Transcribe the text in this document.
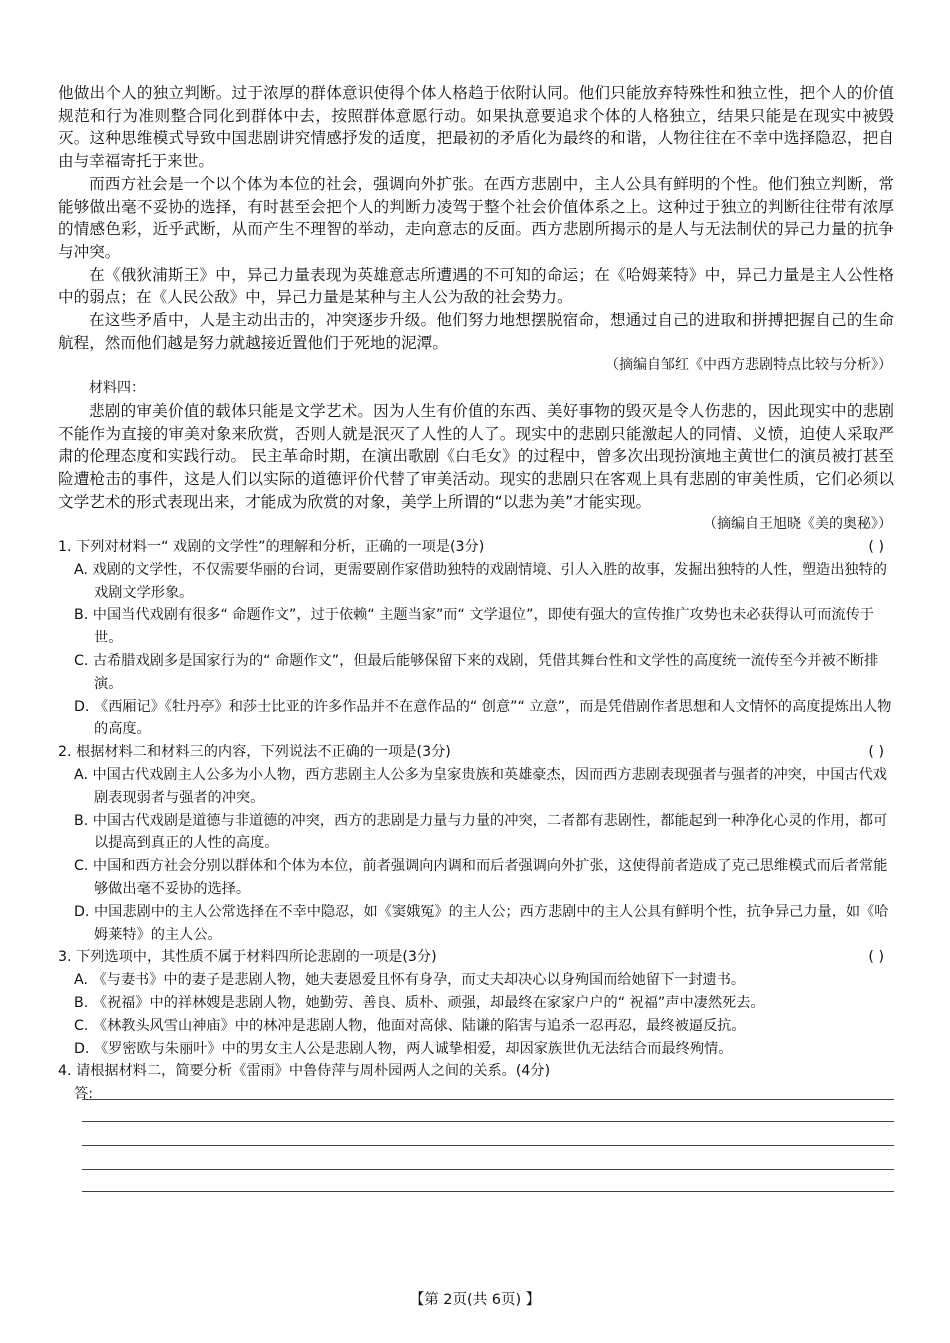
他做出个人的独立判断。过于浓厚的群体意识使得个体人格趋于依附认同。他们只能放弃特殊性和独立性，把个人的价值规范和行为准则整合同化到群体中去，按照群体意愿行动。如果执意要追求个体的人格独立，结果只能是在现实中被毁灭。这种思维模式导致中国悲剧讲究情感抒发的适度，把最初的矛盾化为最终的和谐，人物往往在不幸中选择隐忍，把自由与幸福寄托于来世。

而西方社会是一个以个体为本位的社会，强调向外扩张。在西方悲剧中，主人公具有鲜明的个性。他们独立判断，常能够做出毫不妥协的选择，有时甚至会把个人的判断力凌驾于整个社会价值体系之上。这种过于独立的判断往往带有浓厚的情感色彩，近乎武断，从而产生不理智的举动，走向意志的反面。西方悲剧所揭示的是人与无法制伏的异己力量的抗争与冲突。

在《俄狄浦斯王》中，异己力量表现为英雄意志所遭遇的不可知的命运；在《哈姆莱特》中，异己力量是主人公性格中的弱点；在《人民公敌》中，异己力量是某种与主人公为敌的社会势力。

在这些矛盾中，人是主动出击的，冲突逐步升级。他们努力地想摆脱宿命，想通过自己的进取和拼搏把握自己的生命航程，然而他们越是努力就越接近置他们于死地的泥潭。

（摘编自邹红《中西方悲剧特点比较与分析》）

材料四：

悲剧的审美价值的载体只能是文学艺术。因为人生有价值的东西、美好事物的毁灭是令人伤悲的，因此现实中的悲剧不能作为直接的审美对象来欣赏，否则人就是泯灭了人性的人了。现实中的悲剧只能激起人的同情、义愤，迫使人采取严肃的伦理态度和实践行动。 民主革命时期，在演出歌剧《白毛女》的过程中，曾多次出现扮演地主黄世仁的演员被打甚至险遭枪击的事件，这是人们以实际的道德评价代替了审美活动。现实的悲剧只在客观上具有悲剧的审美性质，它们必须以文学艺术的形式表现出来，才能成为欣赏的对象，美学上所谓的“以悲为美”才能实现。

（摘编自王旭晓《美的奥秘》）

1. 下列对材料一“ 戏剧的文学性”的理解和分析，正确的一项是(3分)	( )

A. 戏剧的文学性，不仅需要华丽的台词，更需要剧作家借助独特的戏剧情境、引人入胜的故事，发掘出独特的人性，塑造出独特的戏剧文学形象。

B. 中国当代戏剧有很多“ 命题作文”，过于依赖“ 主题当家”而“ 文学退位”，即使有强大的宣传推广攻势也未必获得认可而流传于世。

C. 古希腊戏剧多是国家行为的“ 命题作文”，但最后能够保留下来的戏剧，凭借其舞台性和文学性的高度统一流传至今并被不断排演。

D. 《西厢记》《牡丹亭》和莎士比亚的许多作品并不在意作品的“ 创意”“ 立意”，而是凭借剧作者思想和人文情怀的高度提炼出人物的高度。

2. 根据材料二和材料三的内容，下列说法不正确的一项是(3分)	( )

A. 中国古代戏剧主人公多为小人物，西方悲剧主人公多为皇家贵族和英雄豪杰，因而西方悲剧表现强者与强者的冲突，中国古代戏剧表现弱者与强者的冲突。

B. 中国古代戏剧是道德与非道德的冲突，西方的悲剧是力量与力量的冲突，二者都有悲剧性，都能起到一种净化心灵的作用，都可以提高到真正的人性的高度。

C. 中国和西方社会分别以群体和个体为本位，前者强调向内调和而后者强调向外扩张，这使得前者造成了克己思维模式而后者常能够做出毫不妥协的选择。

D. 中国悲剧中的主人公常选择在不幸中隐忍，如《窦娥冤》的主人公；西方悲剧中的主人公具有鲜明个性，抗争异己力量，如《哈姆莱特》的主人公。

3. 下列选项中，其性质不属于材料四所论悲剧的一项是(3分)	( )

A. 《与妻书》中的妻子是悲剧人物，她夫妻恩爱且怀有身孕，而丈夫却决心以身殉国而给她留下一封遗书。

B. 《祝福》中的祥林嫂是悲剧人物，她勤劳、善良、质朴、顽强，却最终在家家户户的“ 祝福”声中凄然死去。

C. 《林教头风雪山神庙》中的林冲是悲剧人物，他面对高俅、陆谦的陷害与追杀一忍再忍，最终被逼反抗。

D. 《罗密欧与朱丽叶》中的男女主人公是悲剧人物，两人诚挚相爱，却因家族世仇无法结合而最终殉情。

4. 请根据材料二，简要分析《雷雨》中鲁侍萍与周朴园两人之间的关系。(4分)

答:
【第 2页(共 6页) 】
